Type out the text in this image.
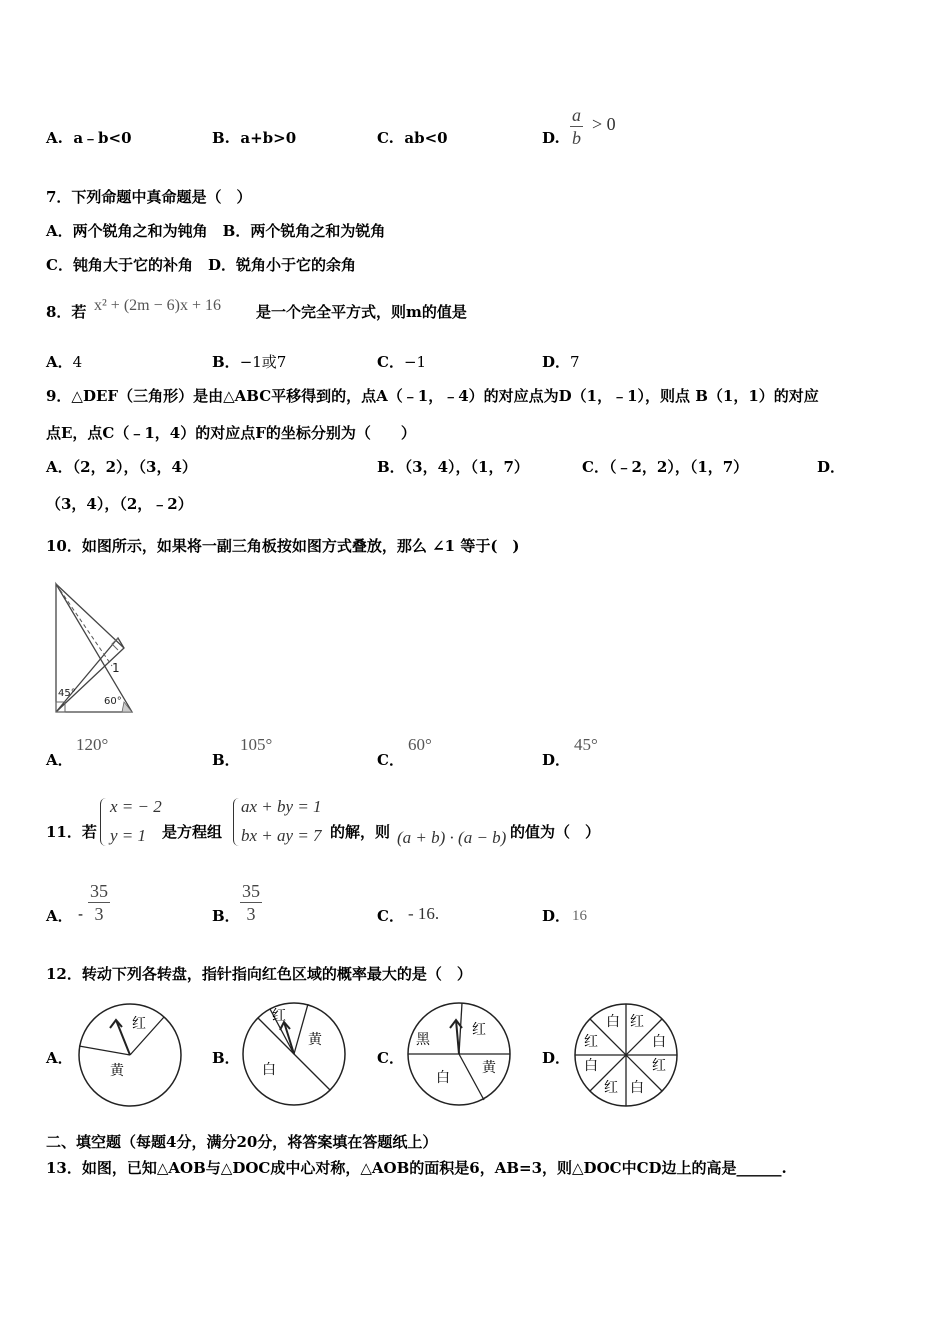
A. a﹣b<0	B. a+b>0	C. ab<0	D. $\frac{a}{b} > 0$
7．下列命题中真命题是（　）
A．两个锐角之和为钝角　B．两个锐角之和为锐角
C．钝角大于它的补角　D．锐角小于它的余角
8．若 x² + (2m − 6)x + 16 是一个完全平方式，则m的值是
A．4	B．−1或7	C．−1	D．7
9．△DEF（三角形）是由△ABC平移得到的，点A（﹣1，﹣4）的对应点为D（1，﹣1），则点 B（1，1）的对应
点E，点C（﹣1，4）的对应点F的坐标分别为（　　）
A．（2，2），（3，4）	B．（3，4），（1，7）	C．（﹣2，2），（1，7）	D．
（3，4），（2，﹣2）
10．如图所示，如果将一副三角板按如图方式叠放，那么 ∠1 等于(　)
1
45°
60°
A．
120°
B．
105°
C．
60°
D．
45°
11．若
x = − 2
y = 1 是方程组
ax + by = 1
bx + ay = 7 的解，则 (a + b) · (a − b) 的值为（　）
A． - $\frac{35}{3}$	B． $\frac{35}{3}$	C． - 16.	D． 16
12．转动下列各转盘，指针指向红色区域的概率最大的是（　）
A．
红
黄
B．
红
黄
白
C．
黑
红
黄
白
D．
白 红
白
红
白
红
白
红
二、填空题（每题4分，满分20分，将答案填在答题纸上）
13．如图，已知△AOB与△DOC成中心对称，△AOB的面积是6，AB=3，则△DOC中CD边上的高是______.
